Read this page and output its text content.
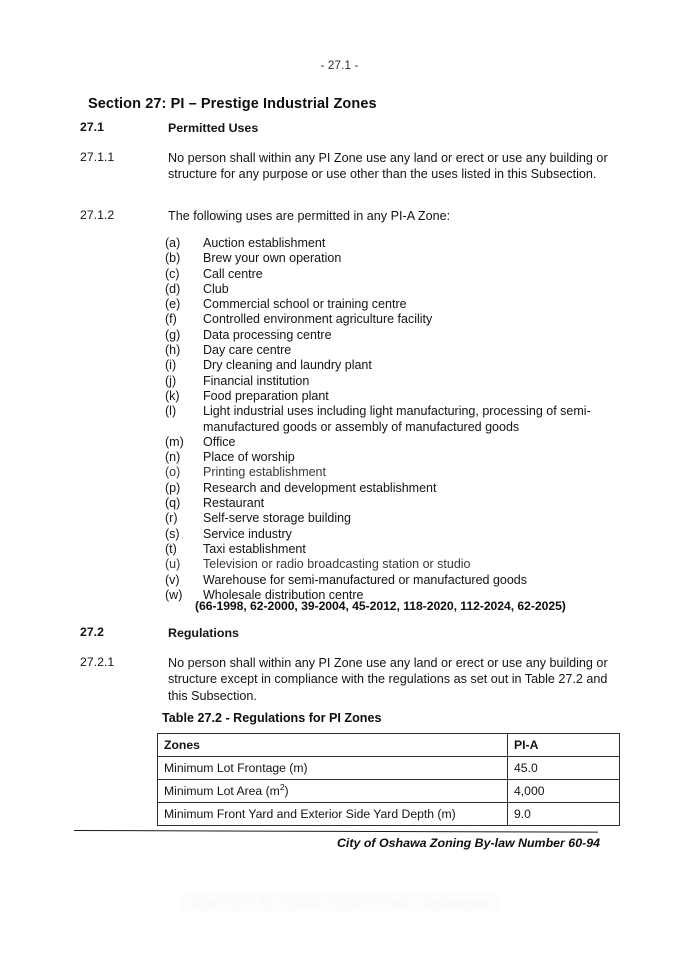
- 27.1 -
Section 27: PI – Prestige Industrial Zones
27.1	Permitted Uses
27.1.1	No person shall within any PI Zone use any land or erect or use any building or structure for any purpose or use other than the uses listed in this Subsection.
27.1.2	The following uses are permitted in any PI-A Zone:
(a)	Auction establishment
(b)	Brew your own operation
(c)	Call centre
(d)	Club
(e)	Commercial school or training centre
(f)	Controlled environment agriculture facility
(g)	Data processing centre
(h)	Day care centre
(i)	Dry cleaning and laundry plant
(j)	Financial institution
(k)	Food preparation plant
(l)	Light industrial uses including light manufacturing, processing of semi-manufactured goods or assembly of manufactured goods
(m)	Office
(n)	Place of worship
(o)	Printing establishment
(p)	Research and development establishment
(q)	Restaurant
(r)	Self-serve storage building
(s)	Service industry
(t)	Taxi establishment
(u)	Television or radio broadcasting station or studio
(v)	Warehouse for semi-manufactured or manufactured goods
(w)	Wholesale distribution centre
(66-1998, 62-2000, 39-2004, 45-2012, 118-2020, 112-2024, 62-2025)
27.2	Regulations
27.2.1	No person shall within any PI Zone use any land or erect or use any building or structure except in compliance with the regulations as set out in Table 27.2 and this Subsection.
Table 27.2 - Regulations for PI Zones
Zones	PI-A
Minimum Lot Frontage (m)	45.0
Minimum Lot Area $(m^2)$	4,000
Minimum Front Yard and Exterior Side Yard Depth (m)	9.0
City of Oshawa Zoning By-law Number 60-94
CENTURY 21 REGAL REALTY INC., Brokerage
